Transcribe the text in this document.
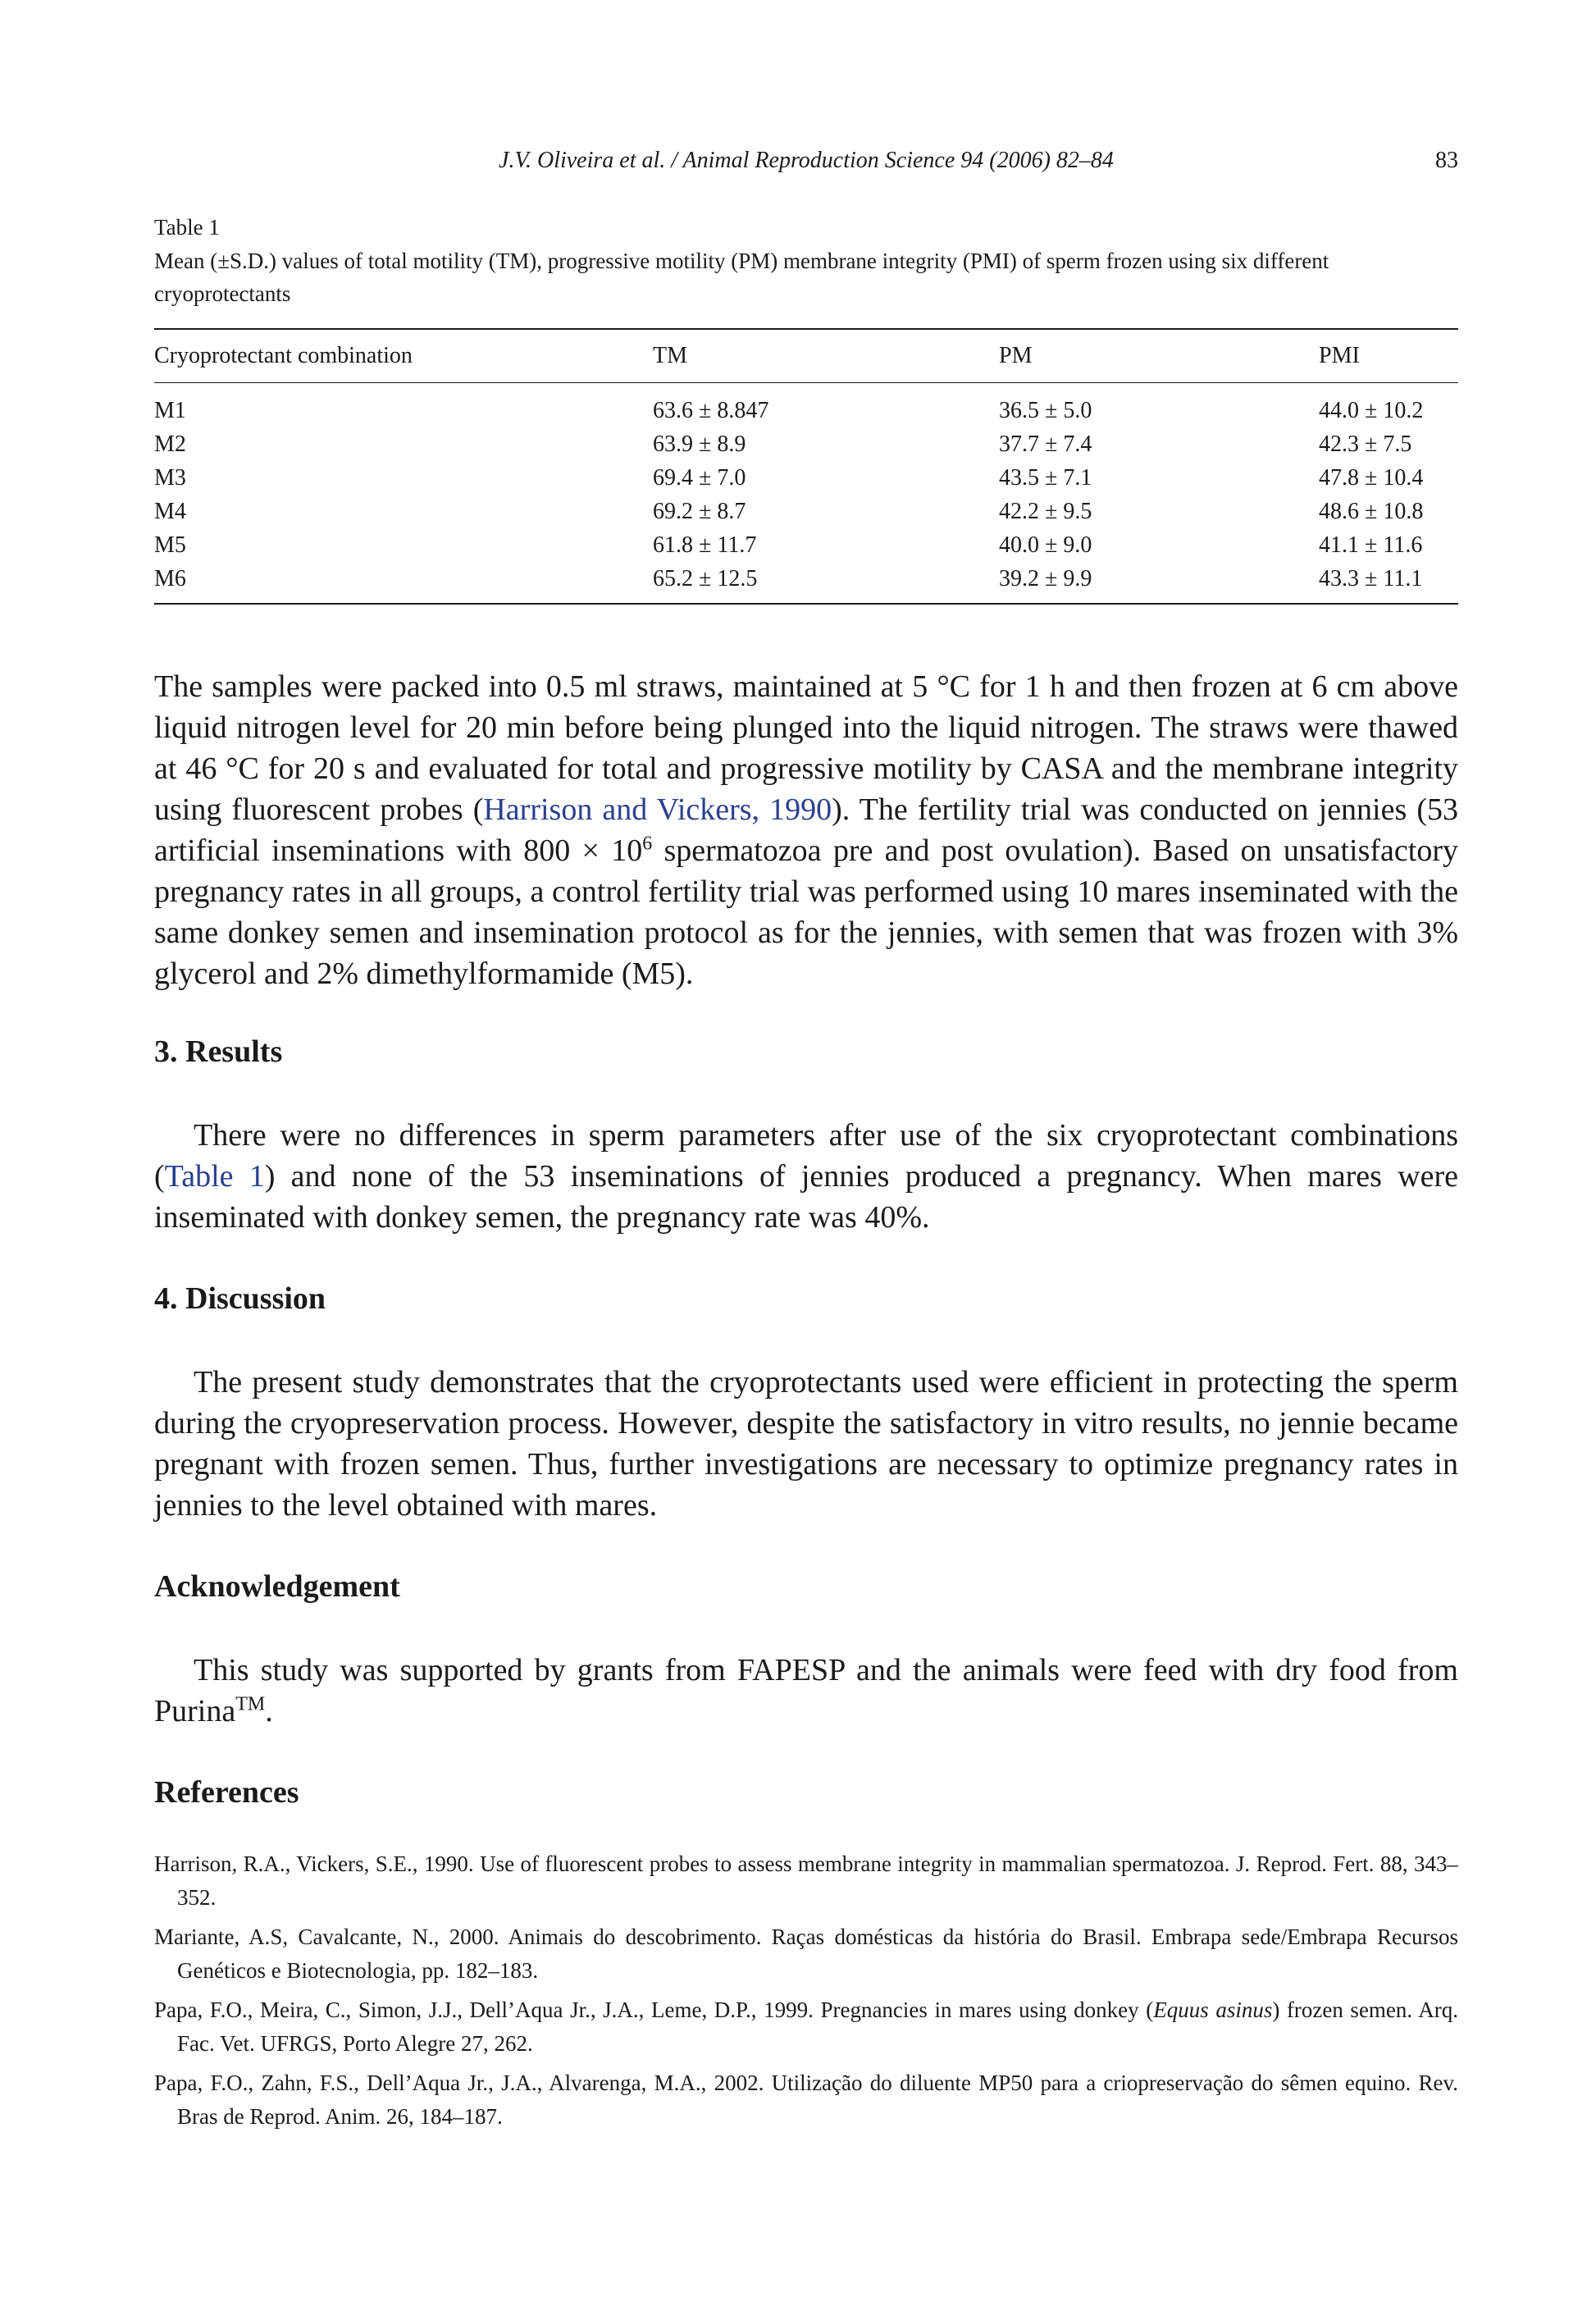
J.V. Oliveira et al. / Animal Reproduction Science 94 (2006) 82–84	83
Table 1
Mean (±S.D.) values of total motility (TM), progressive motility (PM) membrane integrity (PMI) of sperm frozen using six different cryoprotectants
Cryoprotectant combination	TM	PM	PMI
M1	63.6 ± 8.847	36.5 ± 5.0	44.0 ± 10.2
M2	63.9 ± 8.9	37.7 ± 7.4	42.3 ± 7.5
M3	69.4 ± 7.0	43.5 ± 7.1	47.8 ± 10.4
M4	69.2 ± 8.7	42.2 ± 9.5	48.6 ± 10.8
M5	61.8 ± 11.7	40.0 ± 9.0	41.1 ± 11.6
M6	65.2 ± 12.5	39.2 ± 9.9	43.3 ± 11.1

The samples were packed into 0.5 ml straws, maintained at 5 °C for 1 h and then frozen at 6 cm above liquid nitrogen level for 20 min before being plunged into the liquid nitrogen. The straws were thawed at 46 °C for 20 s and evaluated for total and progressive motility by CASA and the membrane integrity using fluorescent probes (Harrison and Vickers, 1990). The fertility trial was conducted on jennies (53 artificial inseminations with $800 \times 10^6$ spermatozoa pre and post ovulation). Based on unsatisfactory pregnancy rates in all groups, a control fertility trial was performed using 10 mares inseminated with the same donkey semen and insemination protocol as for the jennies, with semen that was frozen with 3% glycerol and 2% dimethylformamide (M5).

3. Results

There were no differences in sperm parameters after use of the six cryoprotectant combinations (Table 1) and none of the 53 inseminations of jennies produced a pregnancy. When mares were inseminated with donkey semen, the pregnancy rate was 40%.

4. Discussion

The present study demonstrates that the cryoprotectants used were efficient in protecting the sperm during the cryopreservation process. However, despite the satisfactory in vitro results, no jennie became pregnant with frozen semen. Thus, further investigations are necessary to optimize pregnancy rates in jennies to the level obtained with mares.

Acknowledgement

This study was supported by grants from FAPESP and the animals were feed with dry food from Purina™.

References

Harrison, R.A., Vickers, S.E., 1990. Use of fluorescent probes to assess membrane integrity in mammalian spermatozoa. J. Reprod. Fert. 88, 343–352.

Mariante, A.S, Cavalcante, N., 2000. Animais do descobrimento. Raças domésticas da história do Brasil. Embrapa sede/Embrapa Recursos Genéticos e Biotecnologia, pp. 182–183.

Papa, F.O., Meira, C., Simon, J.J., Dell’Aqua Jr., J.A., Leme, D.P., 1999. Pregnancies in mares using donkey (Equus asinus) frozen semen. Arq. Fac. Vet. UFRGS, Porto Alegre 27, 262.

Papa, F.O., Zahn, F.S., Dell’Aqua Jr., J.A., Alvarenga, M.A., 2002. Utilização do diluente MP50 para a criopreservação do sêmen equino. Rev. Bras de Reprod. Anim. 26, 184–187.
